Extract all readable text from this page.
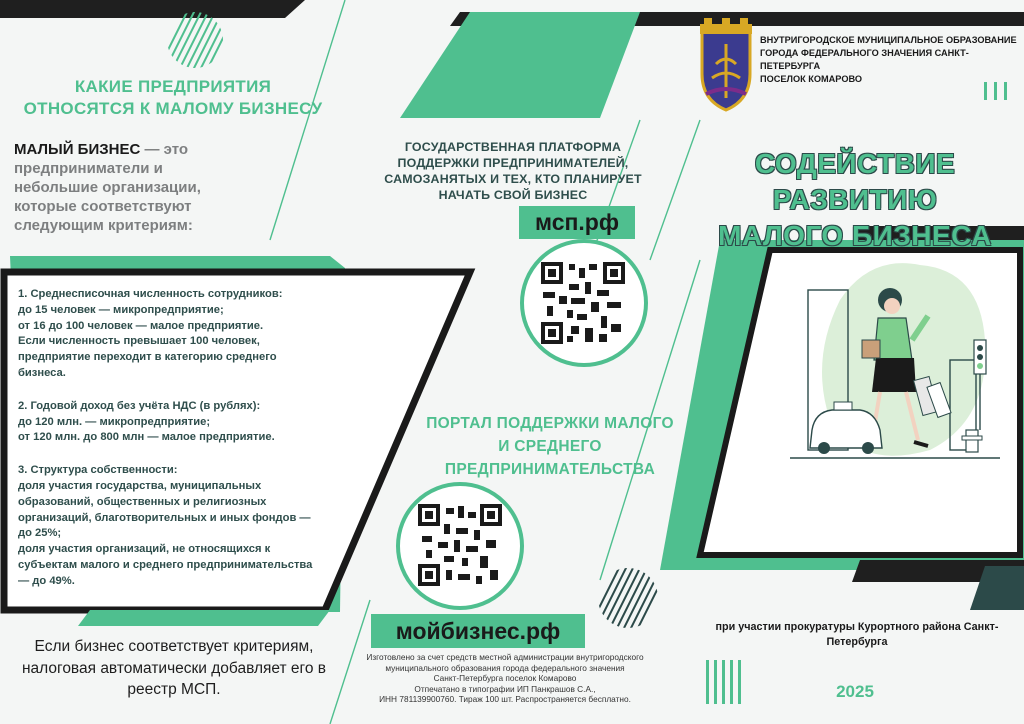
КАКИЕ ПРЕДПРИЯТИЯ
ОТНОСЯТСЯ К МАЛОМУ БИЗНЕСУ
МАЛЫЙ БИЗНЕС — это предприниматели и небольшие организации, которые соответствуют следующим критериям:

1. Среднесписочная численность сотрудников:
до 15 человек — микропредприятие;
от 16 до 100 человек — малое предприятие.
Если численность превышает 100 человек, предприятие переходит в категорию среднего бизнеса.

2. Годовой доход без учёта НДС (в рублях):
до 120 млн. — микропредприятие;
от 120 млн. до 800 млн — малое предприятие.

3. Структура собственности:
доля участия государства, муниципальных образований, общественных и религиозных организаций, благотворительных и иных фондов — до 25%;
доля участия организаций, не относящихся к субъектам малого и среднего предпринимательства — до 49%.

Если бизнес соответствует критериям, налоговая автоматически добавляет его в реестр МСП.
ГОСУДАРСТВЕННАЯ ПЛАТФОРМА ПОДДЕРЖКИ ПРЕДПРИНИМАТЕЛЕЙ, САМОЗАНЯТЫХ И ТЕХ, КТО ПЛАНИРУЕТ НАЧАТЬ СВОЙ БИЗНЕС
мсп.рф
ПОРТАЛ ПОДДЕРЖКИ МАЛОГО И СРЕДНЕГО ПРЕДПРИНИМАТЕЛЬСТВА
мойбизнес.рф
Изготовлено за счет средств местной администрации внутригородского
муниципального образования города федерального значения
Санкт-Петербурга поселок Комарово
Отпечатано в типографии ИП Панкрашов С.А.,
ИНН 781139900760. Тираж 100 шт. Распространяется бесплатно.
ВНУТРИГОРОДСКОЕ МУНИЦИПАЛЬНОЕ ОБРАЗОВАНИЕ
ГОРОДА ФЕДЕРАЛЬНОГО ЗНАЧЕНИЯ САНКТ-ПЕТЕРБУРГА
ПОСЕЛОК КОМАРОВО
СОДЕЙСТВИЕ РАЗВИТИЮ
МАЛОГО БИЗНЕСА
при участии прокуратуры Курортного района Санкт-Петербурга
2025
